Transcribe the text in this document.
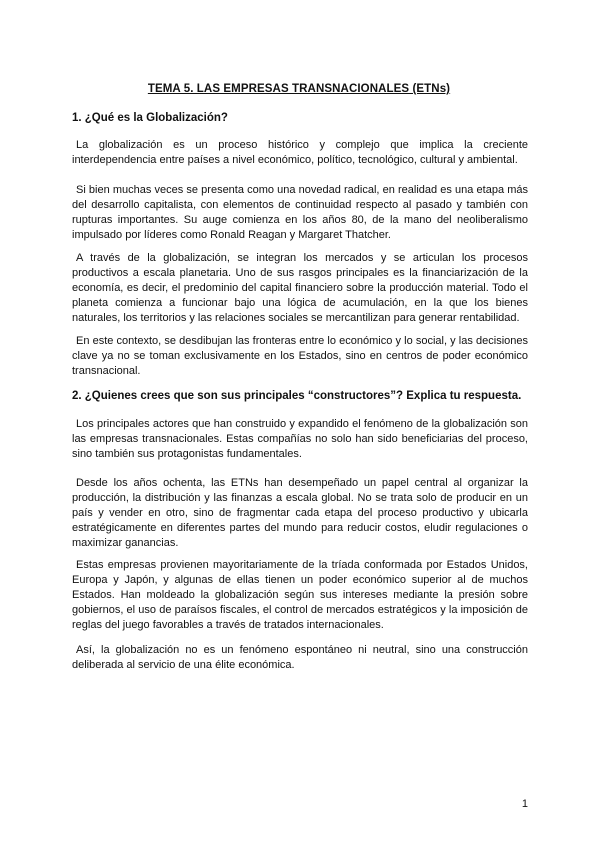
TEMA 5. LAS EMPRESAS TRANSNACIONALES (ETNs)
1. ¿Qué es la Globalización?
La globalización es un proceso histórico y complejo que implica la creciente interdependencia entre países a nivel económico, político, tecnológico, cultural y ambiental.
Si bien muchas veces se presenta como una novedad radical, en realidad es una etapa más del desarrollo capitalista, con elementos de continuidad respecto al pasado y también con rupturas importantes. Su auge comienza en los años 80, de la mano del neoliberalismo impulsado por líderes como Ronald Reagan y Margaret Thatcher.
A través de la globalización, se integran los mercados y se articulan los procesos productivos a escala planetaria. Uno de sus rasgos principales es la financiarización de la economía, es decir, el predominio del capital financiero sobre la producción material. Todo el planeta comienza a funcionar bajo una lógica de acumulación, en la que los bienes naturales, los territorios y las relaciones sociales se mercantilizan para generar rentabilidad.
En este contexto, se desdibujan las fronteras entre lo económico y lo social, y las decisiones clave ya no se toman exclusivamente en los Estados, sino en centros de poder económico transnacional.
2. ¿Quienes crees que son sus principales “constructores”? Explica tu respuesta.
Los principales actores que han construido y expandido el fenómeno de la globalización son las empresas transnacionales. Estas compañías no solo han sido beneficiarias del proceso, sino también sus protagonistas fundamentales.
Desde los años ochenta, las ETNs han desempeñado un papel central al organizar la producción, la distribución y las finanzas a escala global. No se trata solo de producir en un país y vender en otro, sino de fragmentar cada etapa del proceso productivo y ubicarla estratégicamente en diferentes partes del mundo para reducir costos, eludir regulaciones o maximizar ganancias.
Estas empresas provienen mayoritariamente de la tríada conformada por Estados Unidos, Europa y Japón, y algunas de ellas tienen un poder económico superior al de muchos Estados. Han moldeado la globalización según sus intereses mediante la presión sobre gobiernos, el uso de paraísos fiscales, el control de mercados estratégicos y la imposición de reglas del juego favorables a través de tratados internacionales.
Así, la globalización no es un fenómeno espontáneo ni neutral, sino una construcción deliberada al servicio de una élite económica.
1
